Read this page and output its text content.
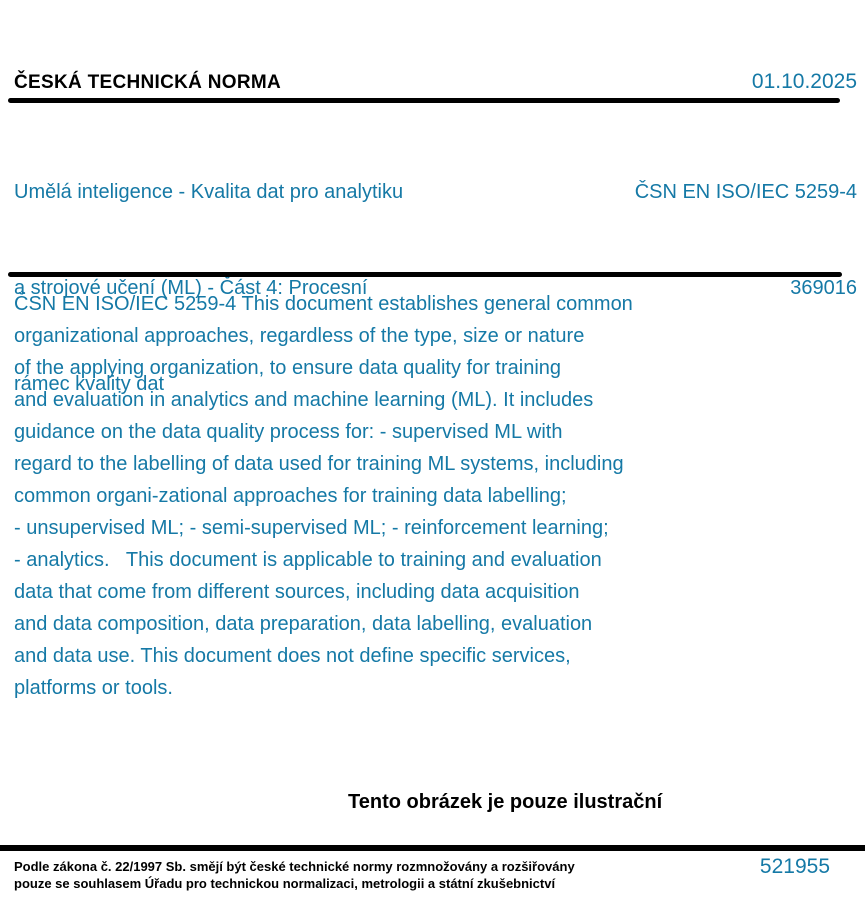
ČESKÁ TECHNICKÁ NORMA	01.10.2025

Umělá inteligence - Kvalita dat pro analytiku

a strojové učení (ML) - Část 4: Procesní

rámec kvality dat

ČSN EN ISO/IEC 5259-4

369016

ČSN EN ISO/IEC 5259-4 This document establishes general common
organizational approaches, regardless of the type, size or nature
of the applying organization, to ensure data quality for training
and evaluation in analytics and machine learning (ML). It includes
guidance on the data quality process for: - supervised ML with
regard to the labelling of data used for training ML systems, including
common organi-zational approaches for training data labelling;
- unsupervised ML; - semi-supervised ML; - reinforcement learning;
- analytics.   This document is applicable to training and evaluation
data that come from different sources, including data acquisition
and data composition, data preparation, data labelling, evaluation
and data use. This document does not define specific services,
platforms or tools.
Tento obrázek je pouze ilustrační
Podle zákona č. 22/1997 Sb. smějí být české technické normy rozmnožovány a rozšiřovány
pouze se souhlasem Úřadu pro technickou normalizaci, metrologii a státní zkušebnictví
521955
